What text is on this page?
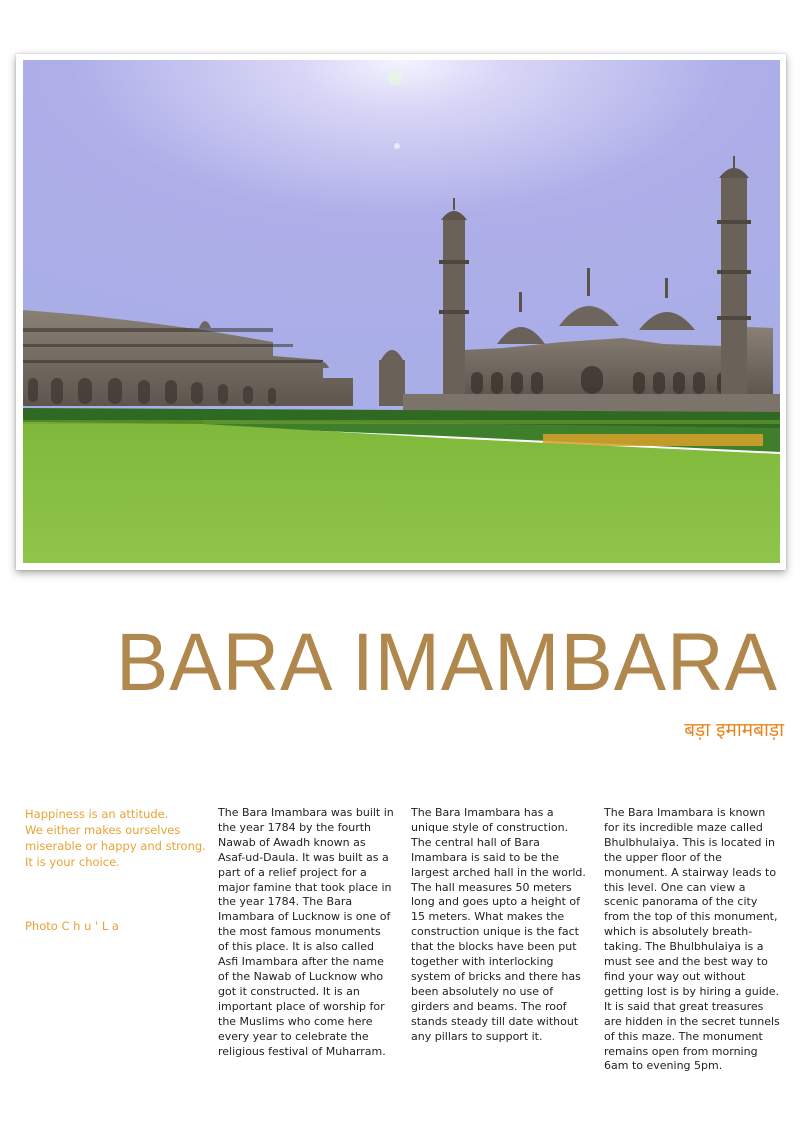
BARA IMAMBARA
बड़ा इमामबाड़ा
Happiness is an attitude.
We either makes ourselves
miserable or happy and strong.
It is your choice.
Photo C h u ' L a
The Bara Imambara was built in the year 1784 by the fourth Nawab of Awadh known as Asaf-ud-Daula. It was built as a part of a relief project for a major famine that took place in the year 1784. The Bara Imambara of Lucknow is one of the most famous monuments of this place. It is also called Asfi Imambara after the name of the Nawab of Lucknow who got it constructed. It is an important place of worship for the Muslims who come here every year to celebrate the religious festival of Muharram.
The Bara Imambara has a unique style of construction. The central hall of Bara Imambara is said to be the largest arched hall in the world. The hall measures 50 meters long and goes upto a height of 15 meters. What makes the construction unique is the fact that the blocks have been put together with interlocking system of bricks and there has been absolutely no use of girders and beams. The roof stands steady till date without any pillars to support it.
The Bara Imambara is known for its incredible maze called Bhulbhulaiya. This is located in the upper floor of the monument. A stairway leads to this level. One can view a scenic panorama of the city from the top of this monument, which is absolutely breath-taking. The Bhulbhulaiya is a must see and the best way to find your way out without getting lost is by hiring a guide. It is said that great treasures are hidden in the secret tunnels of this maze. The monument remains open from morning 6am to evening 5pm.
